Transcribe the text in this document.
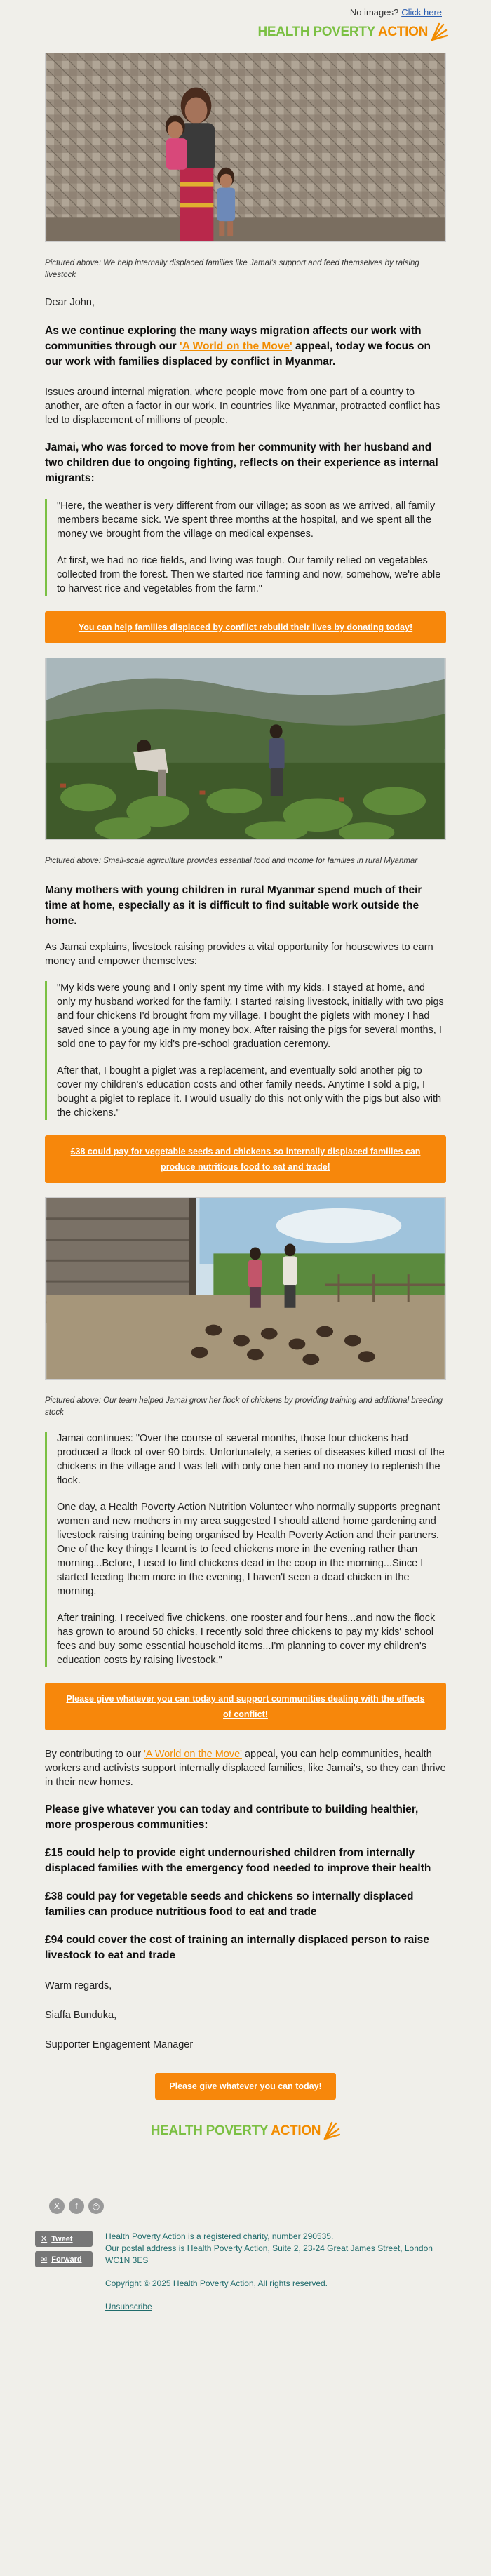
No images? Click here
HEALTH POVERTY ACTION
Pictured above: We help internally displaced families like Jamai's support and feed themselves by raising livestock

Dear John,

As we continue exploring the many ways migration affects our work with communities through our 'A World on the Move' appeal, today we focus on our work with families displaced by conflict in Myanmar.

Issues around internal migration, where people move from one part of a country to another, are often a factor in our work. In countries like Myanmar, protracted conflict has led to displacement of millions of people.

Jamai, who was forced to move from her community with her husband and two children due to ongoing fighting, reflects on their experience as internal migrants:

"Here, the weather is very different from our village; as soon as we arrived, all family members became sick. We spent three months at the hospital, and we spent all the money we brought from the village on medical expenses.

At first, we had no rice fields, and living was tough. Our family relied on vegetables collected from the forest. Then we started rice farming and now, somehow, we're able to harvest rice and vegetables from the farm."

You can help families displaced by conflict rebuild their lives by donating today!
Pictured above: Small-scale agriculture provides essential food and income for families in rural Myanmar

Many mothers with young children in rural Myanmar spend much of their time at home, especially as it is difficult to find suitable work outside the home.

As Jamai explains, livestock raising provides a vital opportunity for housewives to earn money and empower themselves:

"My kids were young and I only spent my time with my kids. I stayed at home, and only my husband worked for the family. I started raising livestock, initially with two pigs and four chickens I'd brought from my village. I bought the piglets with money I had saved since a young age in my money box. After raising the pigs for several months, I sold one to pay for my kid's pre-school graduation ceremony.

After that, I bought a piglet was a replacement, and eventually sold another pig to cover my children's education costs and other family needs. Anytime I sold a pig, I bought a piglet to replace it. I would usually do this not only with the pigs but also with the chickens."

£38 could pay for vegetable seeds and chickens so internally displaced families can produce nutritious food to eat and trade!
Pictured above: Our team helped Jamai grow her flock of chickens by providing training and additional breeding stock

Jamai continues: "Over the course of several months, those four chickens had produced a flock of over 90 birds. Unfortunately, a series of diseases killed most of the chickens in the village and I was left with only one hen and no money to replenish the flock.

One day, a Health Poverty Action Nutrition Volunteer who normally supports pregnant women and new mothers in my area suggested I should attend home gardening and livestock raising training being organised by Health Poverty Action and their partners. One of the key things I learnt is to feed chickens more in the evening rather than morning...Before, I used to find chickens dead in the coop in the morning...Since I started feeding them more in the evening, I haven't seen a dead chicken in the morning.

After training, I received five chickens, one rooster and four hens...and now the flock has grown to around 50 chicks. I recently sold three chickens to pay my kids' school fees and buy some essential household items...I'm planning to cover my children's education costs by raising livestock."

Please give whatever you can today and support communities dealing with the effects of conflict!

By contributing to our 'A World on the Move' appeal, you can help communities, health workers and activists support internally displaced families, like Jamai's, so they can thrive in their new homes.

Please give whatever you can today and contribute to building healthier, more prosperous communities:

£15 could help to provide eight undernourished children from internally displaced families with the emergency food needed to improve their health

£38 could pay for vegetable seeds and chickens so internally displaced families can produce nutritious food to eat and trade

£94 could cover the cost of training an internally displaced person to raise livestock to eat and trade

Warm regards,

Siaffa Bunduka,

Supporter Engagement Manager

Please give whatever you can today!
HEALTH POVERTY ACTION
X	f	◎
✕ Tweet
✉ Forward
Health Poverty Action is a registered charity, number 290535.
Our postal address is Health Poverty Action, Suite 2, 23-24 Great James Street, London WC1N 3ES
Copyright © 2025 Health Poverty Action, All rights reserved.
Unsubscribe
